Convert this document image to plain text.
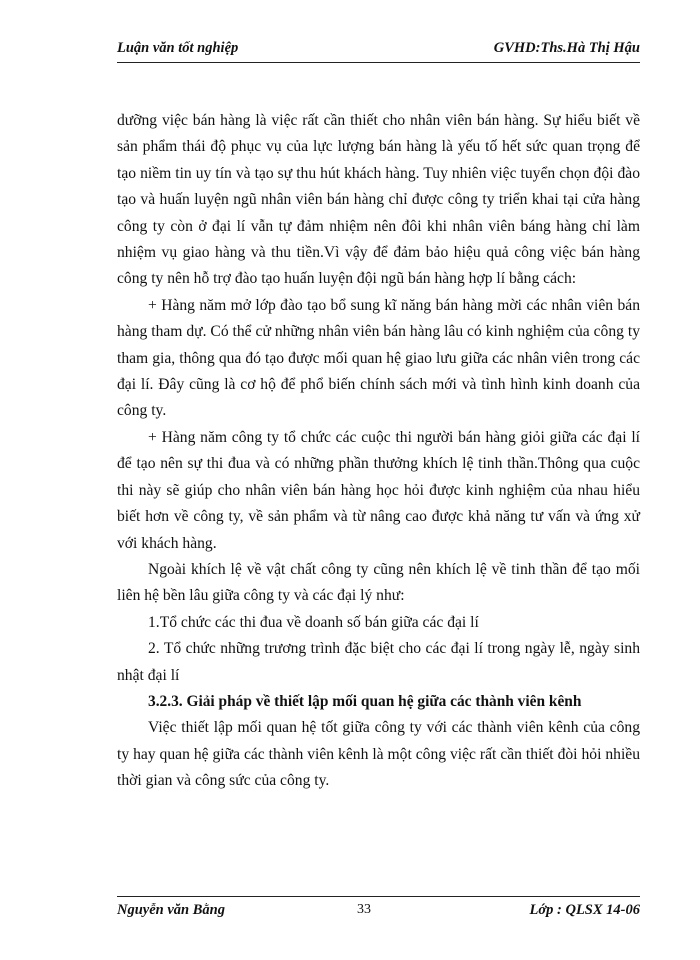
Luận văn tốt nghiệp	GVHD:Ths.Hà Thị Hậu

dưỡng việc bán hàng là việc rất cần thiết cho nhân viên bán hàng. Sự hiểu biết về sản phẩm thái độ phục vụ của lực lượng bán hàng là yếu tố hết sức quan trọng để tạo niềm tin uy tín và tạo sự thu hút khách hàng. Tuy nhiên việc tuyển chọn đội đào tạo và huấn luyện ngũ nhân viên bán hàng chỉ được công ty triển khai tại cửa hàng công ty còn ở đại lí vẫn tự đảm nhiệm nên đôi khi nhân viên báng hàng chỉ làm nhiệm vụ giao hàng và thu tiền.Vì vậy để đảm bảo hiệu quả công việc bán hàng công ty nên hỗ trợ đào tạo huấn luyện đội ngũ bán hàng hợp lí bằng cách:

+ Hàng năm mở lớp đào tạo bổ sung kĩ năng bán hàng mời các nhân viên bán hàng tham dự. Có thể cử những nhân viên bán hàng lâu có kinh nghiệm của công ty tham gia, thông qua đó tạo được mối quan hệ giao lưu giữa các nhân viên trong các đại lí. Đây cũng là cơ hộ để phổ biến chính sách mới và tình hình kinh doanh của công ty.

+ Hàng năm công ty tổ chức các cuộc thi người bán hàng giỏi giữa các đại lí để tạo nên sự thi đua và có những phần thưởng khích lệ tinh thần.Thông qua cuộc thi này sẽ giúp cho nhân viên bán hàng học hỏi được kinh nghiệm của nhau hiểu biết hơn về công ty, về sản phẩm và từ nâng cao được khả năng tư vấn và ứng xử với khách hàng.

Ngoài khích lệ về vật chất công ty cũng nên khích lệ về tinh thần để tạo mối liên hệ bền lâu giữa công ty và các đại lý như:

1.Tổ chức các thi đua về doanh số bán giữa các đại lí

2. Tổ chức những trương trình đặc biệt cho các đại lí trong ngày lễ, ngày sinh nhật đại lí

3.2.3. Giải pháp về thiết lập mối quan hệ giữa các thành viên kênh

Việc thiết lập mối quan hệ tốt giữa công ty với các thành viên kênh của công ty hay quan hệ giữa các thành viên kênh là một công việc rất cần thiết đòi hỏi nhiều thời gian và công sức của công ty.

Nguyễn văn Bằng	33	Lớp : QLSX 14-06
